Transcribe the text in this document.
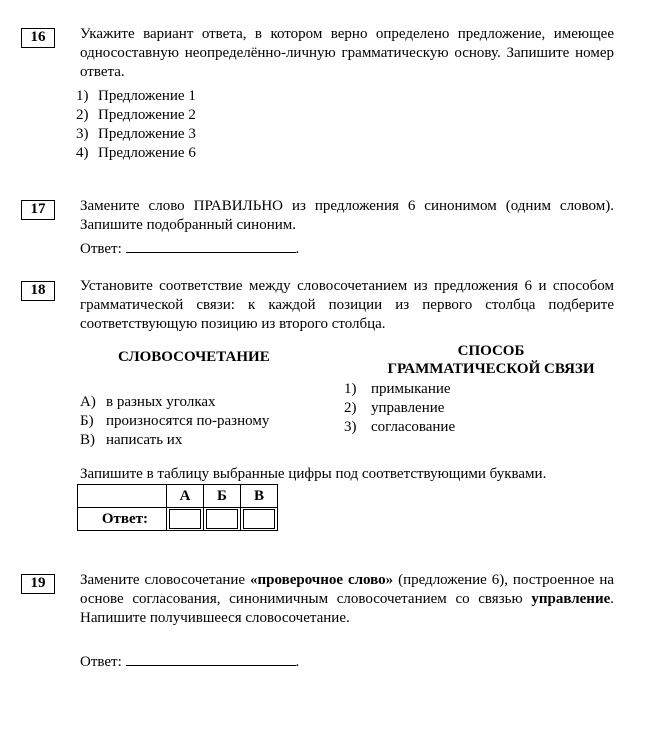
16	Укажите вариант ответа, в котором верно определено предложение, имеющее односоставную неопределённо-личную грамматическую основу. Запишите номер ответа.
1) Предложение 1
2) Предложение 2
3) Предложение 3
4) Предложение 6
17	Замените слово ПРАВИЛЬНО из предложения 6 синонимом (одним словом). Запишите подобранный синоним.
Ответ:	.
18	Установите соответствие между словосочетанием из предложения 6 и способом грамматической связи: к каждой позиции из первого столбца подберите соответствующую позицию из второго столбца.
СЛОВОСОЧЕТАНИЕ	СПОСОБ
ГРАММАТИЧЕСКОЙ СВЯЗИ
А) в разных уголках
Б) произносятся по-разному
В) написать их
1) примыкание
2) управление
3) согласование
Запишите в таблицу выбранные цифры под соответствующими буквами.
	А	Б	В
Ответ:			
19	Замените словосочетание «проверочное слово» (предложение 6), построенное на основе согласования, синонимичным словосочетанием со связью управление. Напишите получившееся словосочетание.
Ответ:	.
